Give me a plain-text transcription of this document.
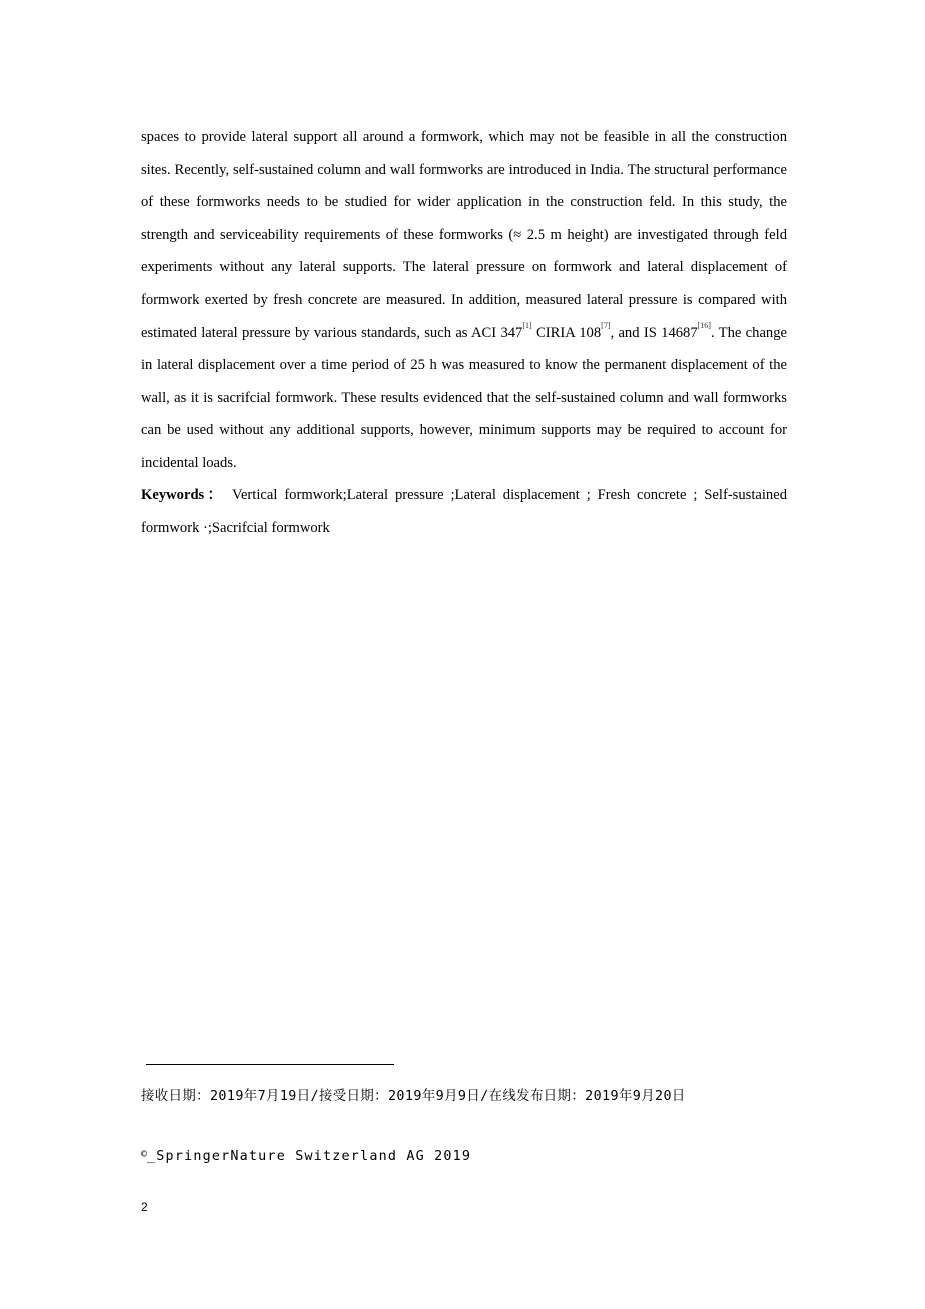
spaces to provide lateral support all around a formwork, which may not be feasible in all the construction sites. Recently, self-sustained column and wall formworks are introduced in India. The structural performance of these formworks needs to be studied for wider application in the construction feld. In this study, the strength and serviceability requirements of these formworks (≈ 2.5 m height) are investigated through feld experiments without any lateral supports. The lateral pressure on formwork and lateral displacement of formwork exerted by fresh concrete are measured. In addition, measured lateral pressure is compared with estimated lateral pressure by various standards, such as ACI 347[1] CIRIA 108[7], and IS 14687[16]. The change in lateral displacement over a time period of 25 h was measured to know the permanent displacement of the wall, as it is sacrifcial formwork. These results evidenced that the self-sustained column and wall formworks can be used without any additional supports, however, minimum supports may be required to account for incidental loads.

Keywords： Vertical formwork;Lateral pressure ;Lateral displacement ; Fresh concrete ; Self-sustained formwork ·;Sacrifcial formwork
接收日期：2019年7月19日/接受日期：2019年9月9日/在线发布日期：2019年9月20日
©_SpringerNature Switzerland AG 2019
2
